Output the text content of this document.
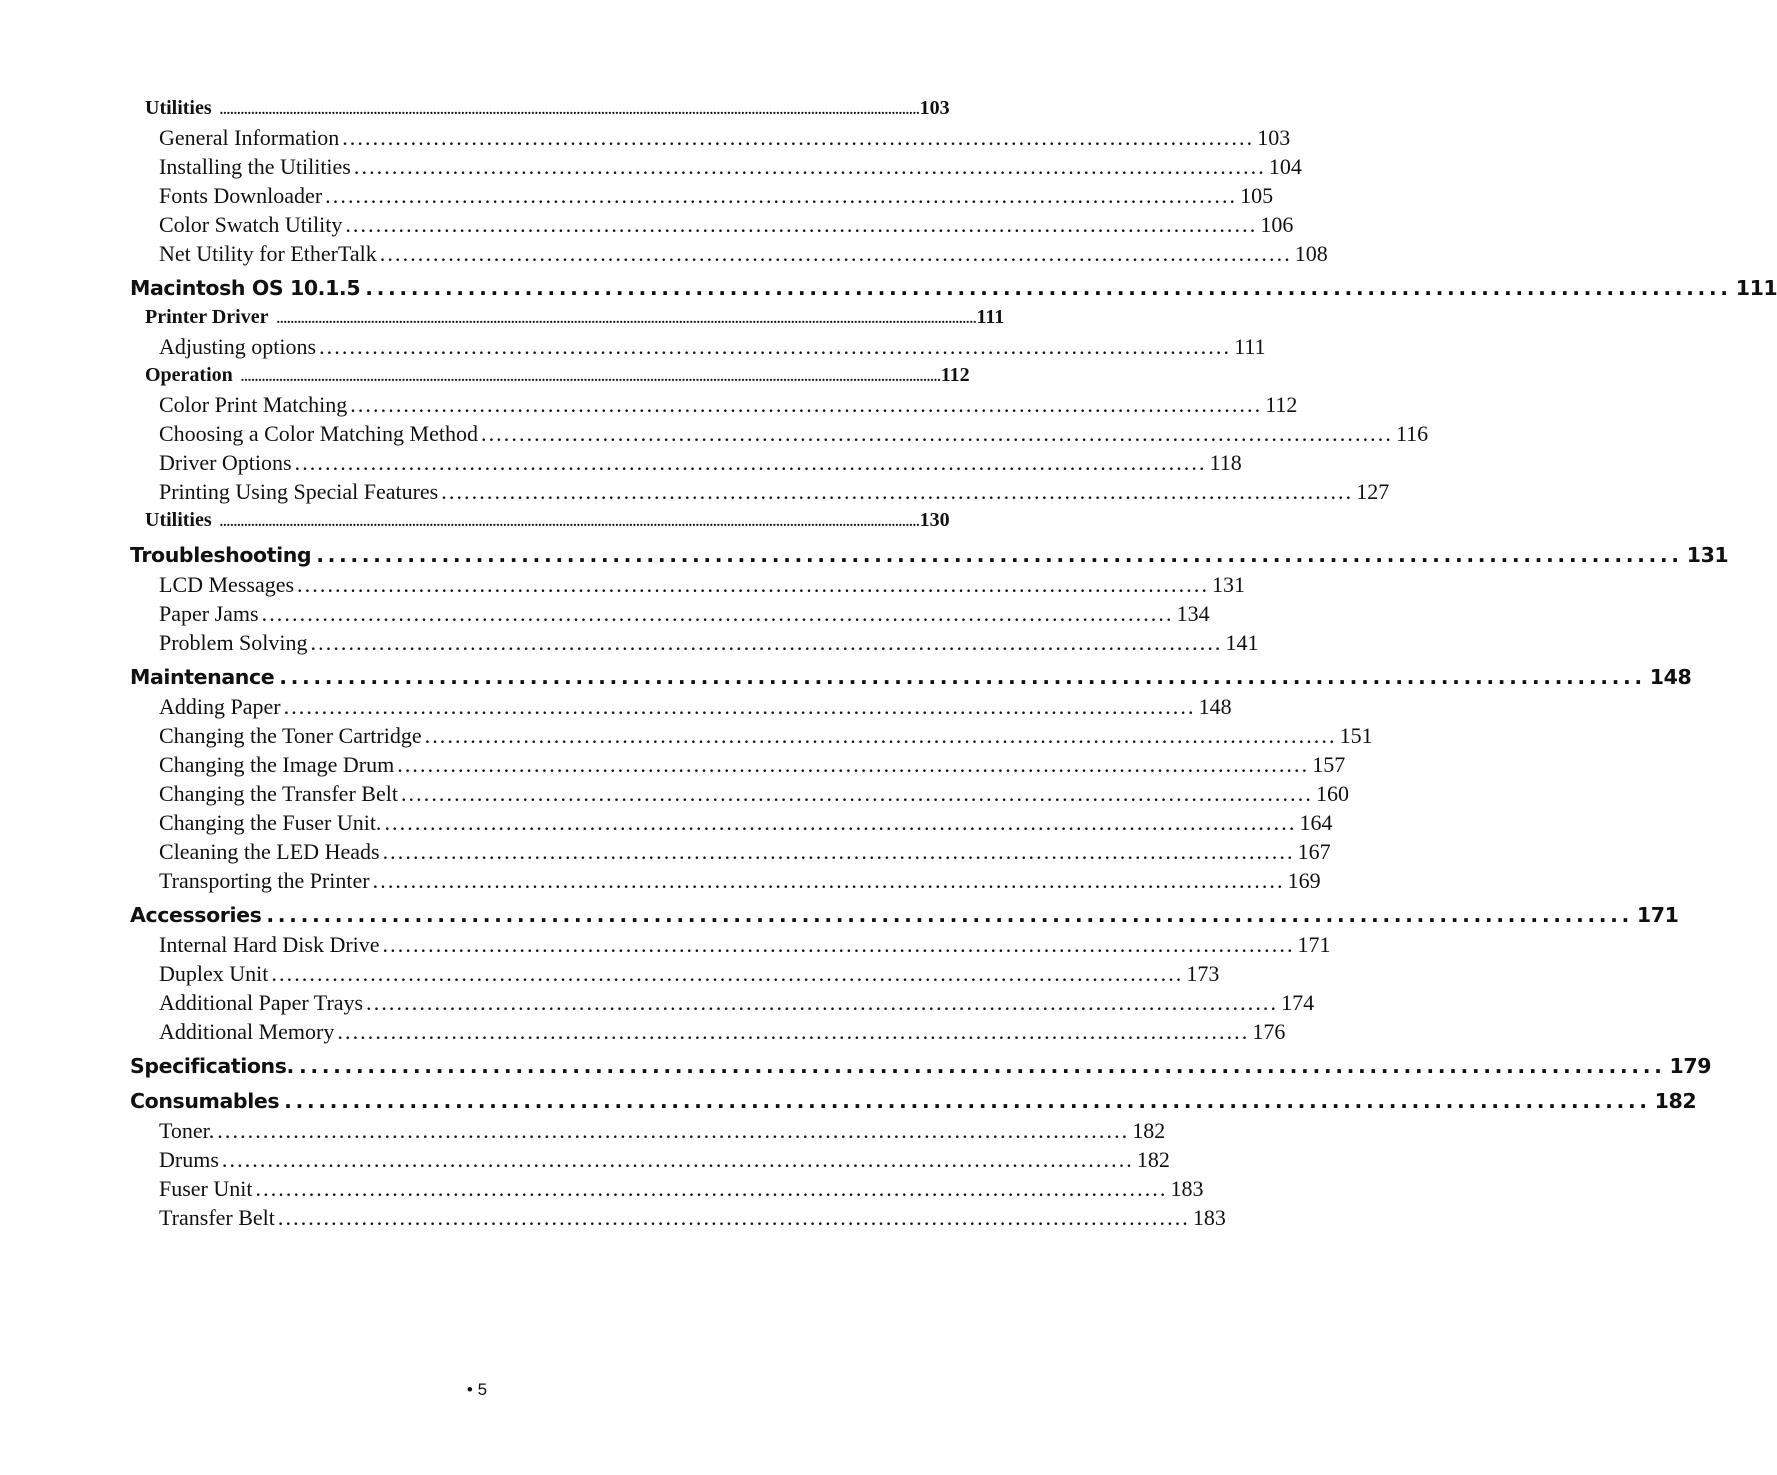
Utilities ........................................................................................................................................................................................................ 103
General Information ........................................................................................................................ 103
Installing the Utilities ........................................................................................................................ 104
Fonts Downloader ........................................................................................................................ 105
Color Swatch Utility ........................................................................................................................ 106
Net Utility for EtherTalk ........................................................................................................................ 108
Macintosh OS 10.1.5 ........................................................................................................................ 111
Printer Driver ........................................................................................................................................................................................................ 111
Adjusting options ........................................................................................................................ 111
Operation ........................................................................................................................................................................................................ 112
Color Print Matching ........................................................................................................................ 112
Choosing a Color Matching Method ........................................................................................................................ 116
Driver Options ........................................................................................................................ 118
Printing Using Special Features ........................................................................................................................ 127
Utilities ........................................................................................................................................................................................................ 130
Troubleshooting ........................................................................................................................ 131
LCD Messages ........................................................................................................................ 131
Paper Jams ........................................................................................................................ 134
Problem Solving ........................................................................................................................ 141
Maintenance ........................................................................................................................ 148
Adding Paper ........................................................................................................................ 148
Changing the Toner Cartridge ........................................................................................................................ 151
Changing the Image Drum ........................................................................................................................ 157
Changing the Transfer Belt ........................................................................................................................ 160
Changing the Fuser Unit. ........................................................................................................................ 164
Cleaning the LED Heads ........................................................................................................................ 167
Transporting the Printer ........................................................................................................................ 169
Accessories ........................................................................................................................ 171
Internal Hard Disk Drive ........................................................................................................................ 171
Duplex Unit ........................................................................................................................ 173
Additional Paper Trays ........................................................................................................................ 174
Additional Memory ........................................................................................................................ 176
Specifications. ........................................................................................................................ 179
Consumables ........................................................................................................................ 182
Toner. ........................................................................................................................ 182
Drums ........................................................................................................................ 182
Fuser Unit ........................................................................................................................ 183
Transfer Belt ........................................................................................................................ 183
• 5
